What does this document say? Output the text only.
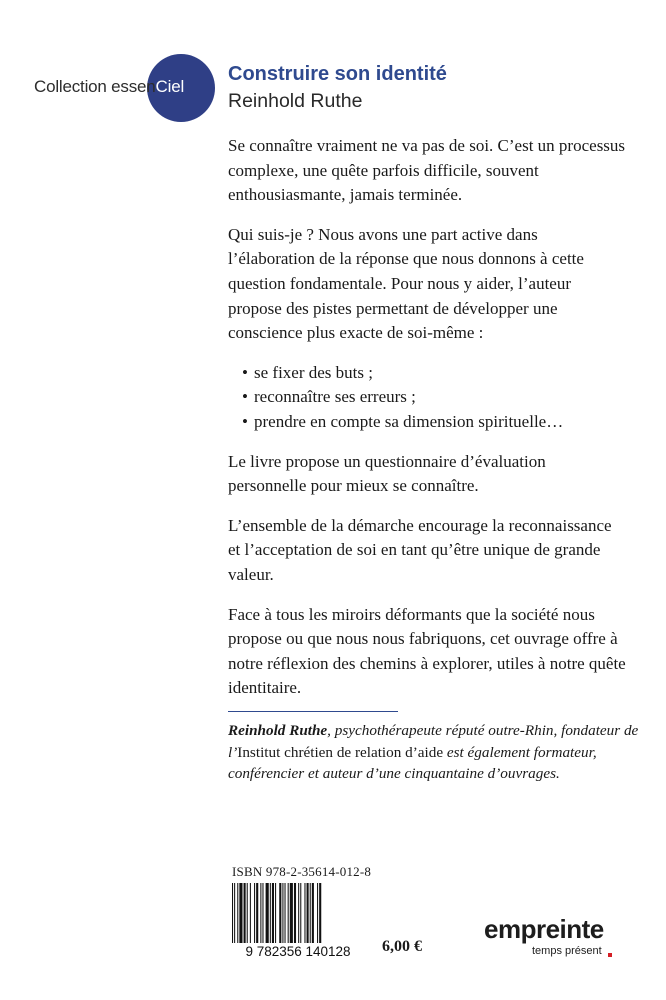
Collection essen Ciel
Construire son identité
Reinhold Ruthe

Se connaître vraiment ne va pas de soi. C’est un processus complexe, une quête parfois difficile, souvent enthousiasmante, jamais terminée.

Qui suis-je ? Nous avons une part active dans l’élaboration de la réponse que nous donnons à cette question fondamentale. Pour nous y aider, l’auteur propose des pistes permettant de développer une conscience plus exacte de soi-même :

• se fixer des buts ;
• reconnaître ses erreurs ;
• prendre en compte sa dimension spirituelle…

Le livre propose un questionnaire d’évaluation personnelle pour mieux se connaître.

L’ensemble de la démarche encourage la reconnaissance et l’acceptation de soi en tant qu’être unique de grande valeur.

Face à tous les miroirs déformants que la société nous propose ou que nous nous fabriquons, cet ouvrage offre à notre réflexion des chemins à explorer, utiles à notre quête identitaire.

Reinhold Ruthe, psychothérapeute réputé outre-Rhin, fondateur de l’Institut chrétien de relation d’aide est également formateur, conférencier et auteur d’une cinquantaine d’ouvrages.

ISBN 978-2-35614-012-8
9 782356 140128 6,00 €
empreinte
temps présent
